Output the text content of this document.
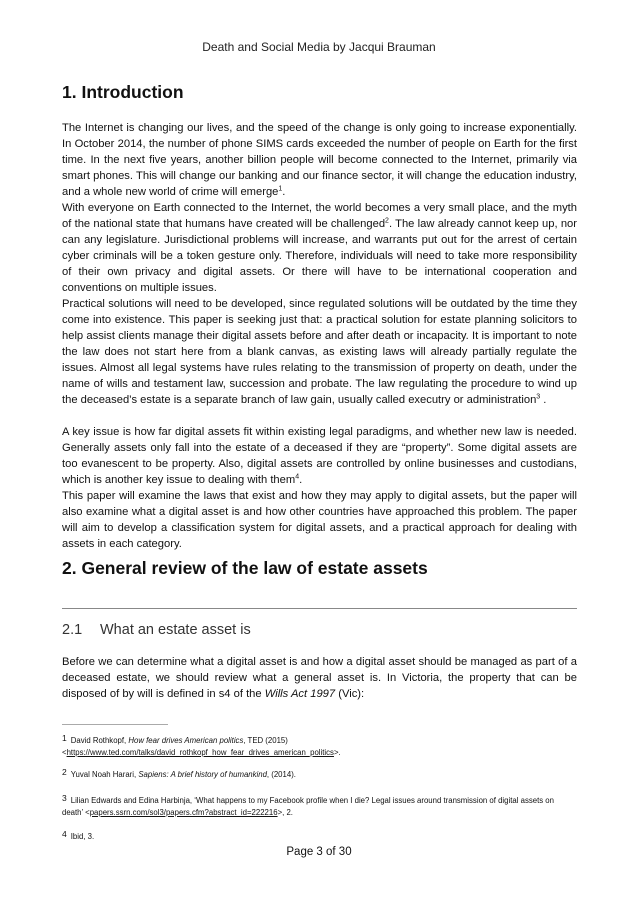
Death and Social Media by Jacqui Brauman
1. Introduction

The Internet is changing our lives, and the speed of the change is only going to increase exponentially. In October 2014, the number of phone SIMS cards exceeded the number of people on Earth for the first time. In the next five years, another billion people will become connected to the Internet, primarily via smart phones. This will change our banking and our finance sector, it will change the education industry, and a whole new world of crime will emerge$^1$.

With everyone on Earth connected to the Internet, the world becomes a very small place, and the myth of the national state that humans have created will be challenged$^2$. The law already cannot keep up, nor can any legislature. Jurisdictional problems will increase, and warrants put out for the arrest of certain cyber criminals will be a token gesture only. Therefore, individuals will need to take more responsibility of their own privacy and digital assets. Or there will have to be international cooperation and conventions on multiple issues.

Practical solutions will need to be developed, since regulated solutions will be outdated by the time they come into existence. This paper is seeking just that: a practical solution for estate planning solicitors to help assist clients manage their digital assets before and after death or incapacity. It is important to note the law does not start here from a blank canvas, as existing laws will already partially regulate the issues. Almost all legal systems have rules relating to the transmission of property on death, under the name of wills and testament law, succession and probate. The law regulating the procedure to wind up the deceased’s estate is a separate branch of law gain, usually called executry or administration$^3$ .

A key issue is how far digital assets fit within existing legal paradigms, and whether new law is needed. Generally assets only fall into the estate of a deceased if they are “property”. Some digital assets are too evanescent to be property. Also, digital assets are controlled by online businesses and custodians, which is another key issue to dealing with them$^4$.

This paper will examine the laws that exist and how they may apply to digital assets, but the paper will also examine what a digital asset is and how other countries have approached this problem. The paper will aim to develop a classification system for digital assets, and a practical approach for dealing with assets in each category.

2. General review of the law of estate assets
2.1 What an estate asset is

Before we can determine what a digital asset is and how a digital asset should be managed as part of a deceased estate, we should review what a general asset is. In Victoria, the property that can be disposed of by will is defined in s4 of the Wills Act 1997 (Vic):

1 David Rothkopf, How fear drives American politics, TED (2015) <https://www.ted.com/talks/david_rothkopf_how_fear_drives_american_politics>.

2 Yuval Noah Harari, Sapiens: A brief history of humankind, (2014).

3 Lilian Edwards and Edina Harbinja, ‘What happens to my Facebook profile when I die? Legal issues around transmission of digital assets on death’ <papers.ssrn.com/sol3/papers.cfm?abstract_id=222216>, 2.

4 Ibid, 3.

Page 3 of 30
